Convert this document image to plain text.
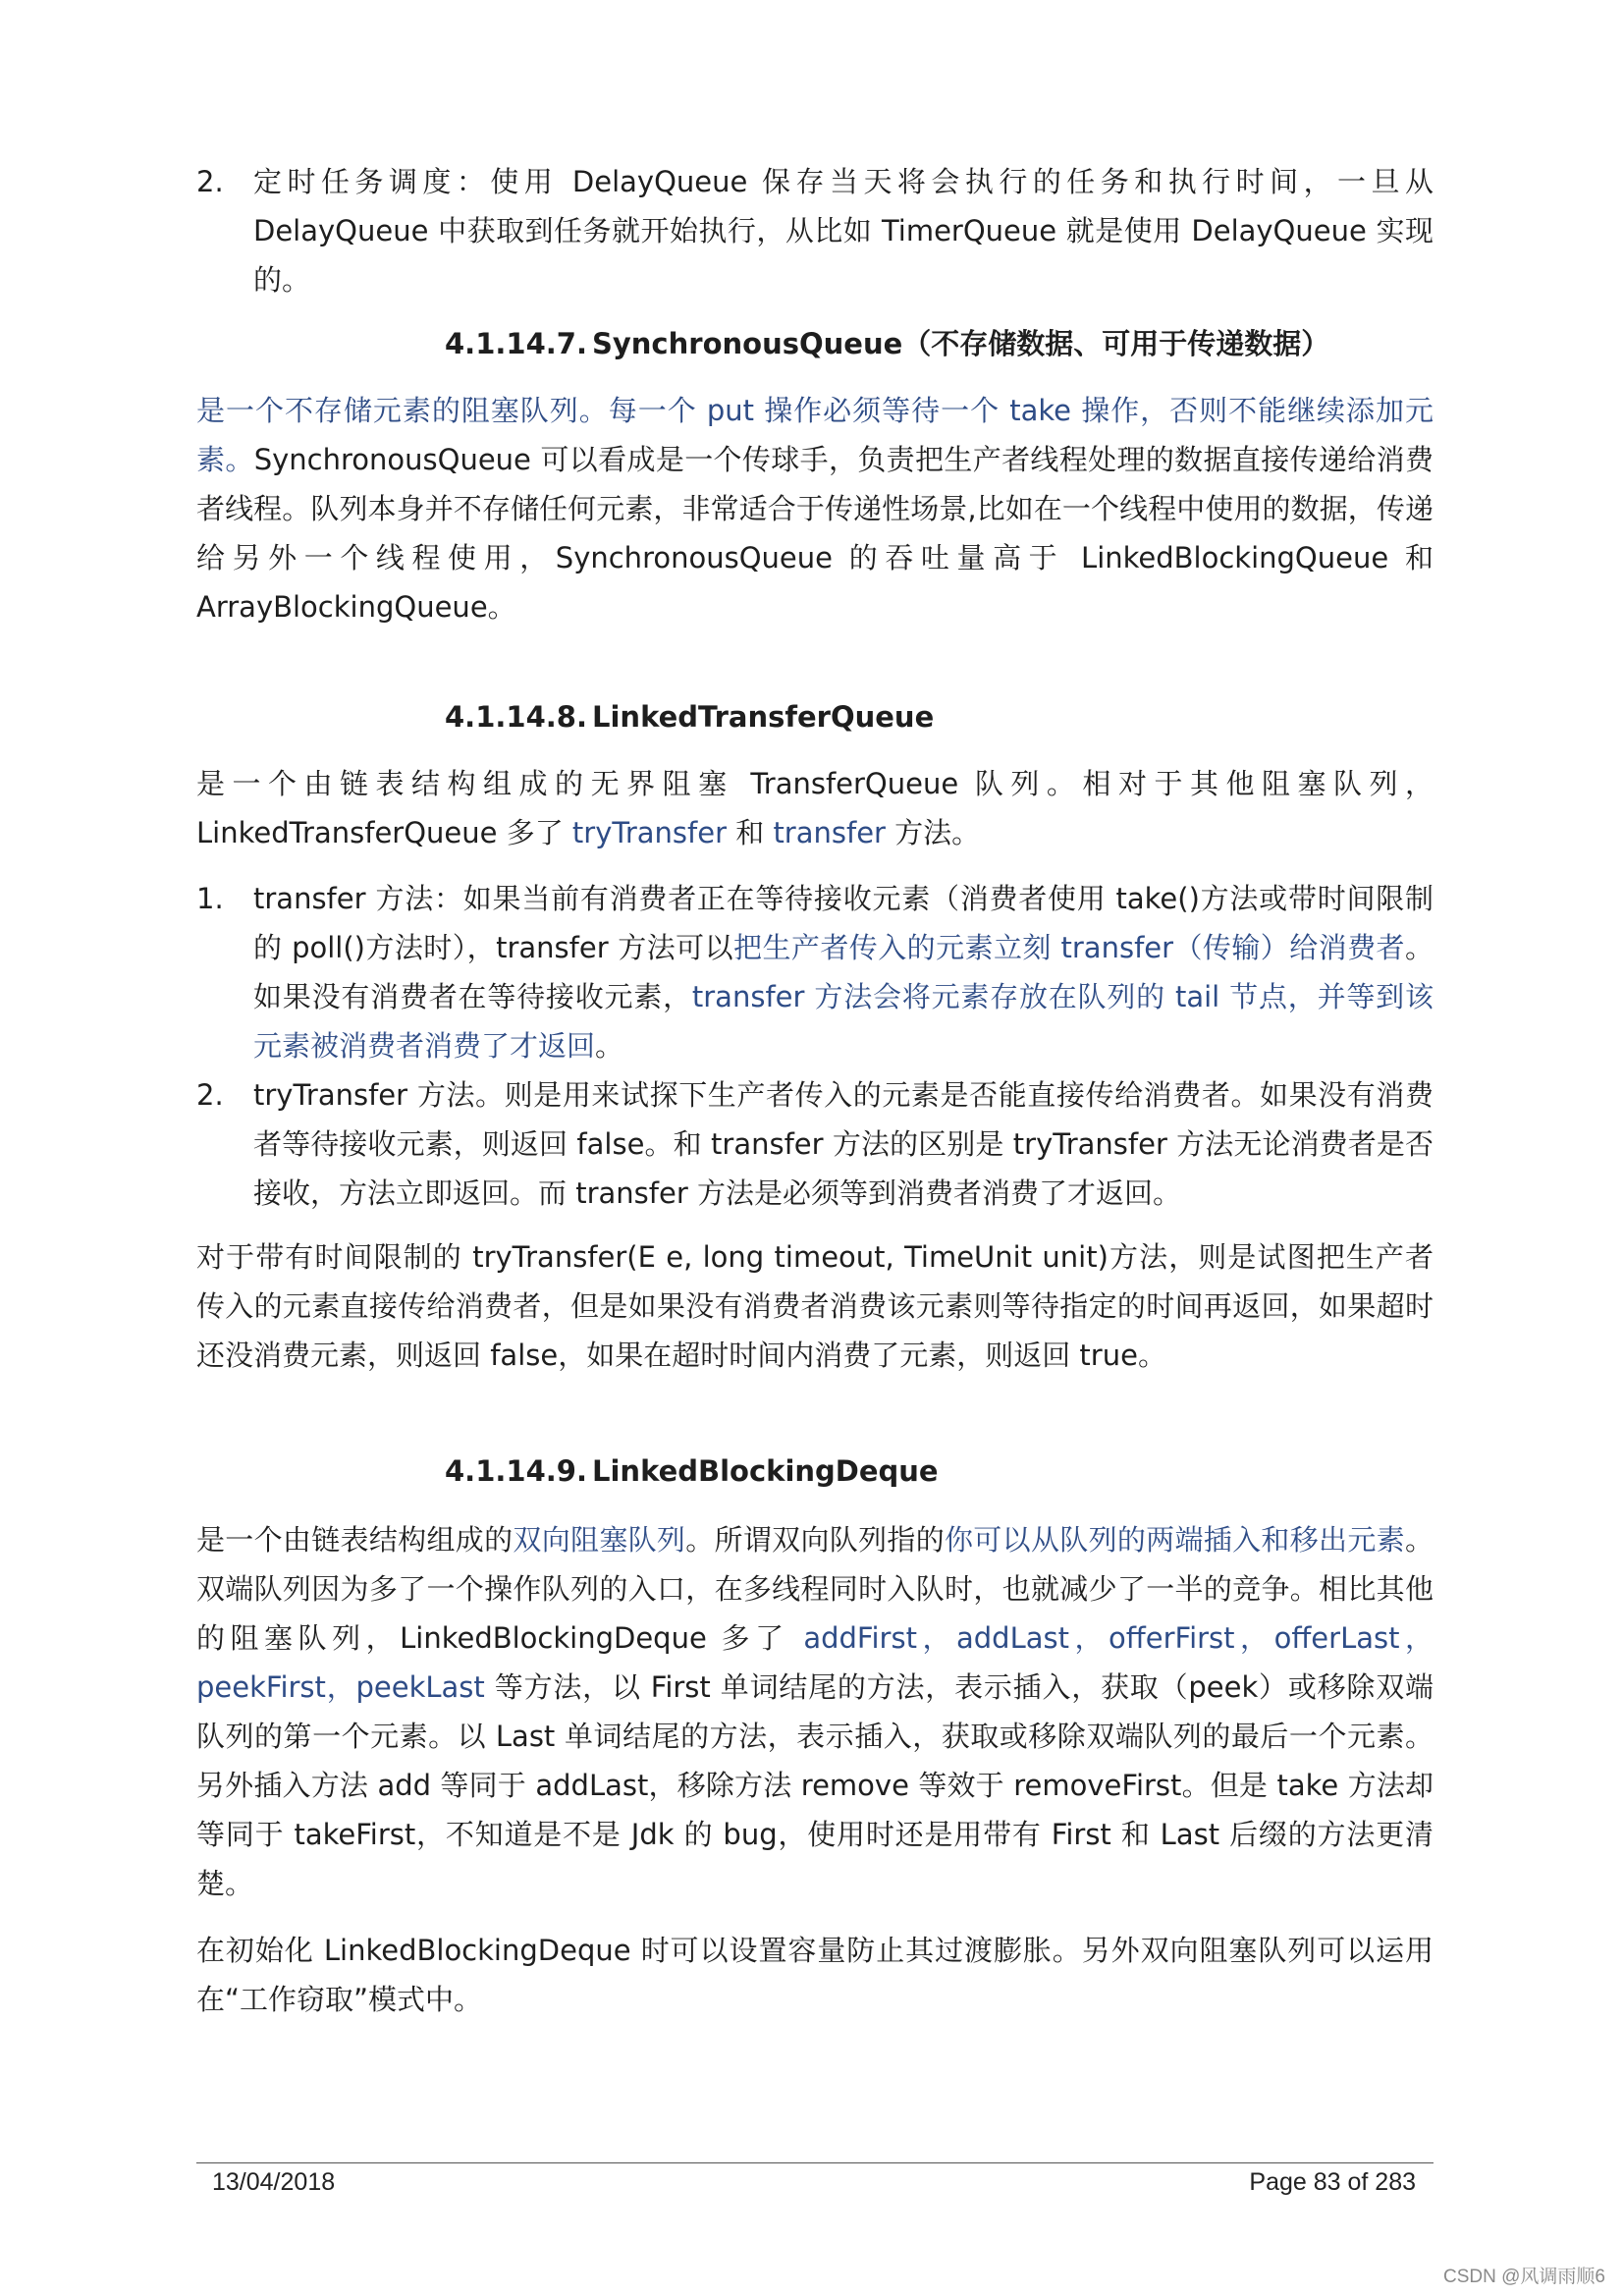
2.	定时任务调度：使用 DelayQueue 保存当天将会执行的任务和执行时间，一旦从 DelayQueue 中获取到任务就开始执行，从比如 TimerQueue 就是使用 DelayQueue 实现的。

4.1.14.7. SynchronousQueue（不存储数据、可用于传递数据）

是一个不存储元素的阻塞队列。每一个 put 操作必须等待一个 take 操作，否则不能继续添加元素。SynchronousQueue 可以看成是一个传球手，负责把生产者线程处理的数据直接传递给消费者线程。队列本身并不存储任何元素，非常适合于传递性场景,比如在一个线程中使用的数据，传递给另外一个线程使用，SynchronousQueue 的吞吐量高于 LinkedBlockingQueue 和 ArrayBlockingQueue。

4.1.14.8. LinkedTransferQueue

是一个由链表结构组成的无界阻塞 TransferQueue 队列。相对于其他阻塞队列，LinkedTransferQueue 多了 tryTransfer 和 transfer 方法。

1.	transfer 方法：如果当前有消费者正在等待接收元素（消费者使用 take()方法或带时间限制的 poll()方法时），transfer 方法可以把生产者传入的元素立刻 transfer（传输）给消费者。如果没有消费者在等待接收元素，transfer 方法会将元素存放在队列的 tail 节点，并等到该元素被消费者消费了才返回。

2.	tryTransfer 方法。则是用来试探下生产者传入的元素是否能直接传给消费者。如果没有消费者等待接收元素，则返回 false。和 transfer 方法的区别是 tryTransfer 方法无论消费者是否接收，方法立即返回。而 transfer 方法是必须等到消费者消费了才返回。

对于带有时间限制的 tryTransfer(E e, long timeout, TimeUnit unit)方法，则是试图把生产者传入的元素直接传给消费者，但是如果没有消费者消费该元素则等待指定的时间再返回，如果超时还没消费元素，则返回 false，如果在超时时间内消费了元素，则返回 true。

4.1.14.9. LinkedBlockingDeque

是一个由链表结构组成的双向阻塞队列。所谓双向队列指的你可以从队列的两端插入和移出元素。双端队列因为多了一个操作队列的入口，在多线程同时入队时，也就减少了一半的竞争。相比其他的阻塞队列，LinkedBlockingDeque 多了 addFirst，addLast，offerFirst，offerLast，peekFirst，peekLast 等方法，以 First 单词结尾的方法，表示插入，获取（peek）或移除双端队列的第一个元素。以 Last 单词结尾的方法，表示插入，获取或移除双端队列的最后一个元素。另外插入方法 add 等同于 addLast，移除方法 remove 等效于 removeFirst。但是 take 方法却等同于 takeFirst，不知道是不是 Jdk 的 bug，使用时还是用带有 First 和 Last 后缀的方法更清楚。

在初始化 LinkedBlockingDeque 时可以设置容量防止其过渡膨胀。另外双向阻塞队列可以运用在“工作窃取”模式中。

13/04/2018	Page 83 of 283
CSDN @风调雨顺6
